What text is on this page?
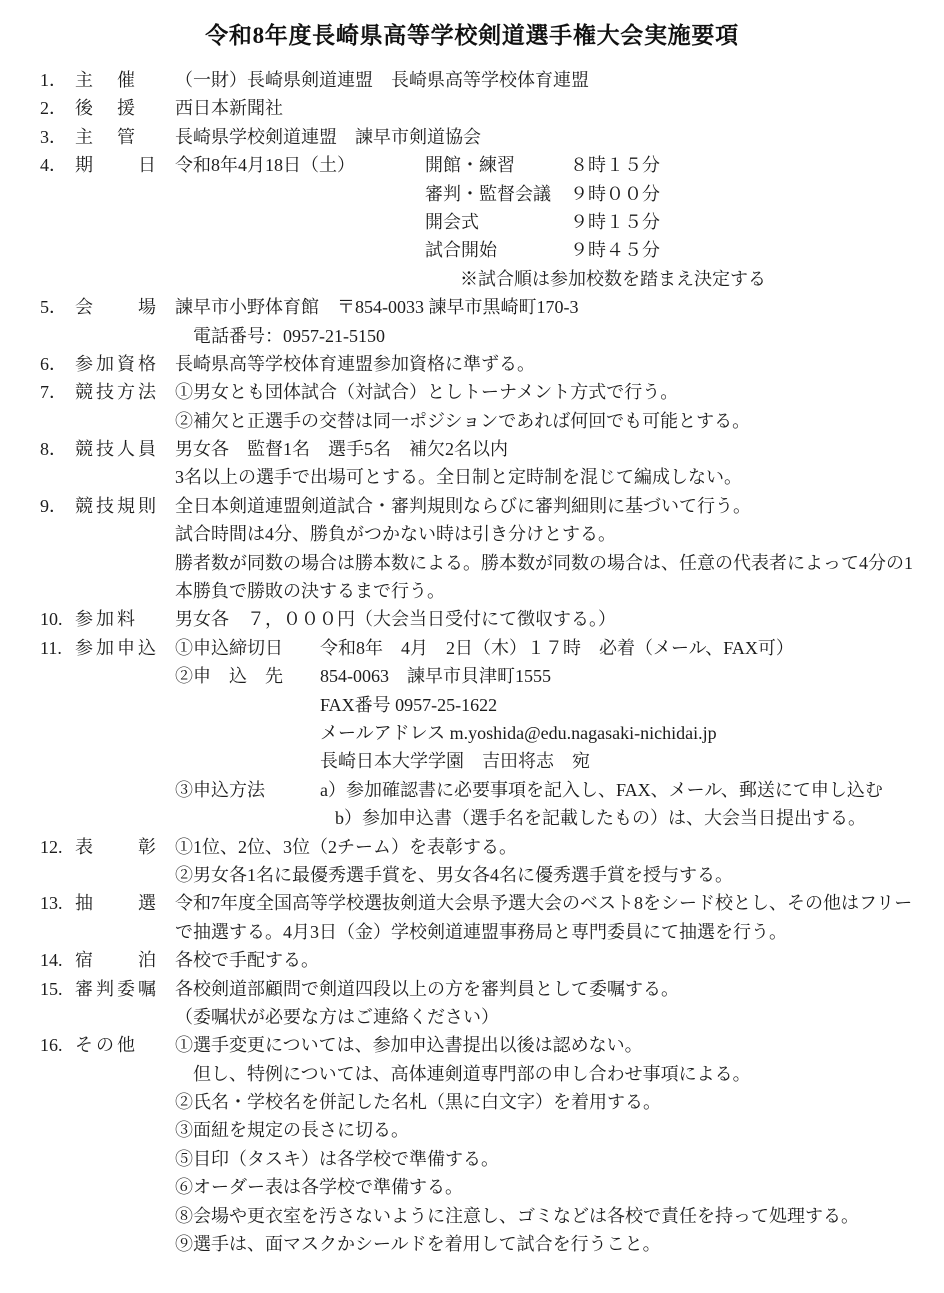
令和8年度長崎県高等学校剣道選手権大会実施要項
1． 主　催	（一財）長崎県剣道連盟　長崎県高等学校体育連盟
2． 後　援	西日本新聞社
3． 主　管	長崎県学校剣道連盟　諫早市剣道協会
4． 期　　日 令和8年4月18日（土）	開館・練習	８時１５分
審判・監督会議	９時００分
開会式	９時１５分
試合開始	９時４５分
※試合順は参加校数を踏まえ決定する
5． 会　　場 諫早市小野体育館　〒854-0033 諫早市黒崎町170-3
　電話番号：0957-21-5150
6． 参加資格 長崎県高等学校体育連盟参加資格に準ずる。
7． 競技方法 ①男女とも団体試合（対試合）としトーナメント方式で行う。
②補欠と正選手の交替は同一ポジションであれば何回でも可能とする。
8． 競技人員 男女各　監督1名　選手5名　補欠2名以内
3名以上の選手で出場可とする。全日制と定時制を混じて編成しない。
9． 競技規則 全日本剣道連盟剣道試合・審判規則ならびに審判細則に基づいて行う。
試合時間は4分、勝負がつかない時は引き分けとする。
勝者数が同数の場合は勝本数による。勝本数が同数の場合は、任意の代表者によって4分の1
本勝負で勝敗の決するまで行う。
10. 参加料	男女各　７，０００円（大会当日受付にて徴収する。）
11. 参加申込 ①申込締切日	令和8年　4月　2日（木）１７時　必着（メール、FAX可）
②申　込　先	854-0063　諫早市貝津町1555
FAX番号 0957-25-1622
メールアドレス m.yoshida@edu.nagasaki-nichidai.jp
長崎日本大学学園　吉田将志　宛
③申込方法	a）参加確認書に必要事項を記入し、FAX、メール、郵送にて申し込む
b）参加申込書（選手名を記載したもの）は、大会当日提出する。
12. 表　　彰 ①1位、2位、3位（2チーム）を表彰する。
②男女各1名に最優秀選手賞を、男女各4名に優秀選手賞を授与する。
13. 抽　　選 令和7年度全国高等学校選抜剣道大会県予選大会のベスト8をシード校とし、その他はフリー
で抽選する。4月3日（金）学校剣道連盟事務局と専門委員にて抽選を行う。
14. 宿　　泊 各校で手配する。
15. 審判委嘱 各校剣道部顧問で剣道四段以上の方を審判員として委嘱する。
（委嘱状が必要な方はご連絡ください）
16. その他	①選手変更については、参加申込書提出以後は認めない。
　但し、特例については、高体連剣道専門部の申し合わせ事項による。
②氏名・学校名を併記した名札（黒に白文字）を着用する。
③面紐を規定の長さに切る。
⑤目印（タスキ）は各学校で準備する。
⑥オーダー表は各学校で準備する。
⑧会場や更衣室を汚さないように注意し、ゴミなどは各校で責任を持って処理する。
⑨選手は、面マスクかシールドを着用して試合を行うこと。
